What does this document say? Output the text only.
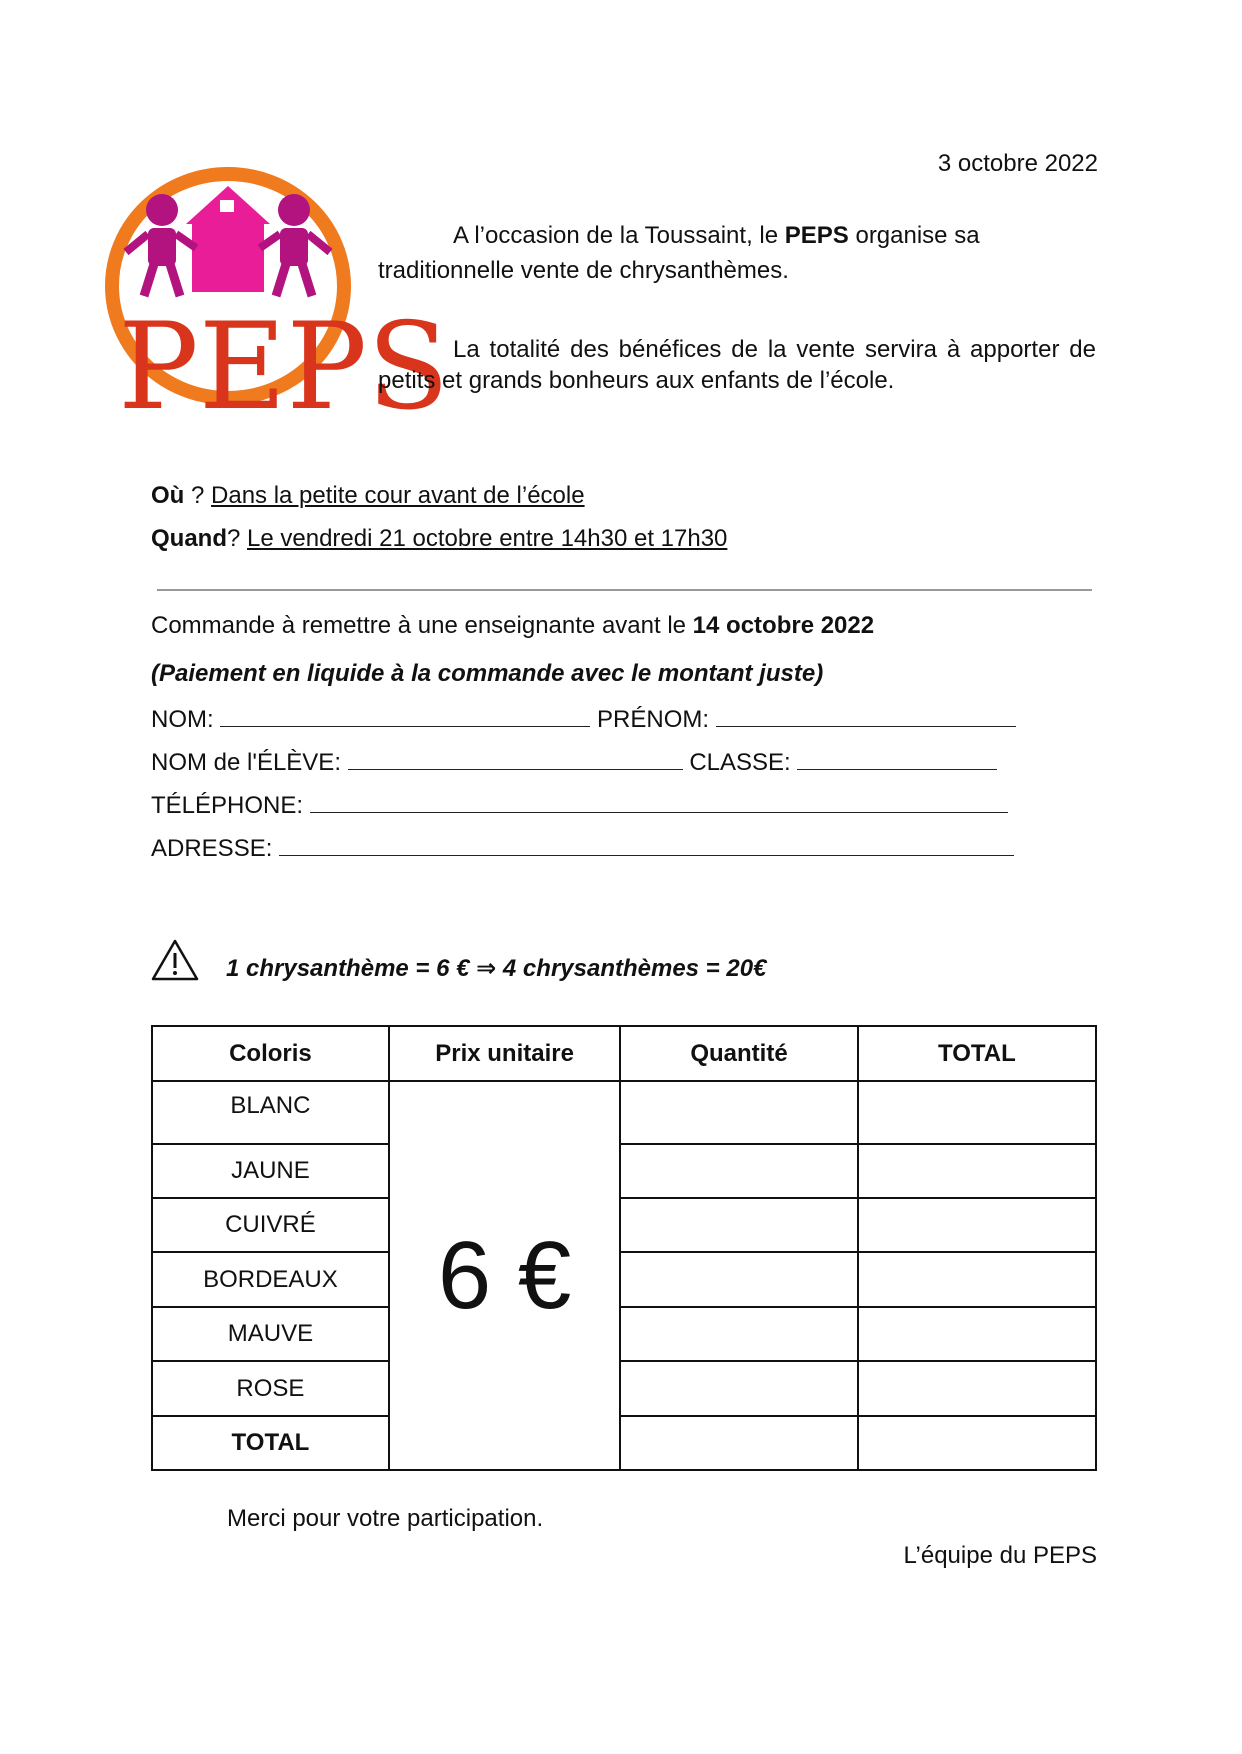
3 octobre 2022
PEPS
A l’occasion de la Toussaint, le PEPS organise sa traditionnelle vente de chrysanthèmes.
La totalité des bénéfices de la vente servira à apporter de petits et grands bonheurs aux enfants de l’école.
Où ? Dans la petite cour avant de l’école
Quand? Le vendredi 21 octobre entre 14h30 et 17h30
Commande à remettre à une enseignante avant le 14 octobre 2022
(Paiement en liquide à la commande avec le montant juste)
NOM:	PRÉNOM:
NOM de l'ÉLÈVE:	CLASSE:
TÉLÉPHONE:
ADRESSE:
1 chrysanthème = 6 € ⇒ 4 chrysanthèmes = 20€
Coloris	Prix unitaire	Quantité	TOTAL
BLANC	6 €		
JAUNE			
CUIVRÉ			
BORDEAUX			
MAUVE			
ROSE			
TOTAL			
Merci pour votre participation.
L’équipe du PEPS
